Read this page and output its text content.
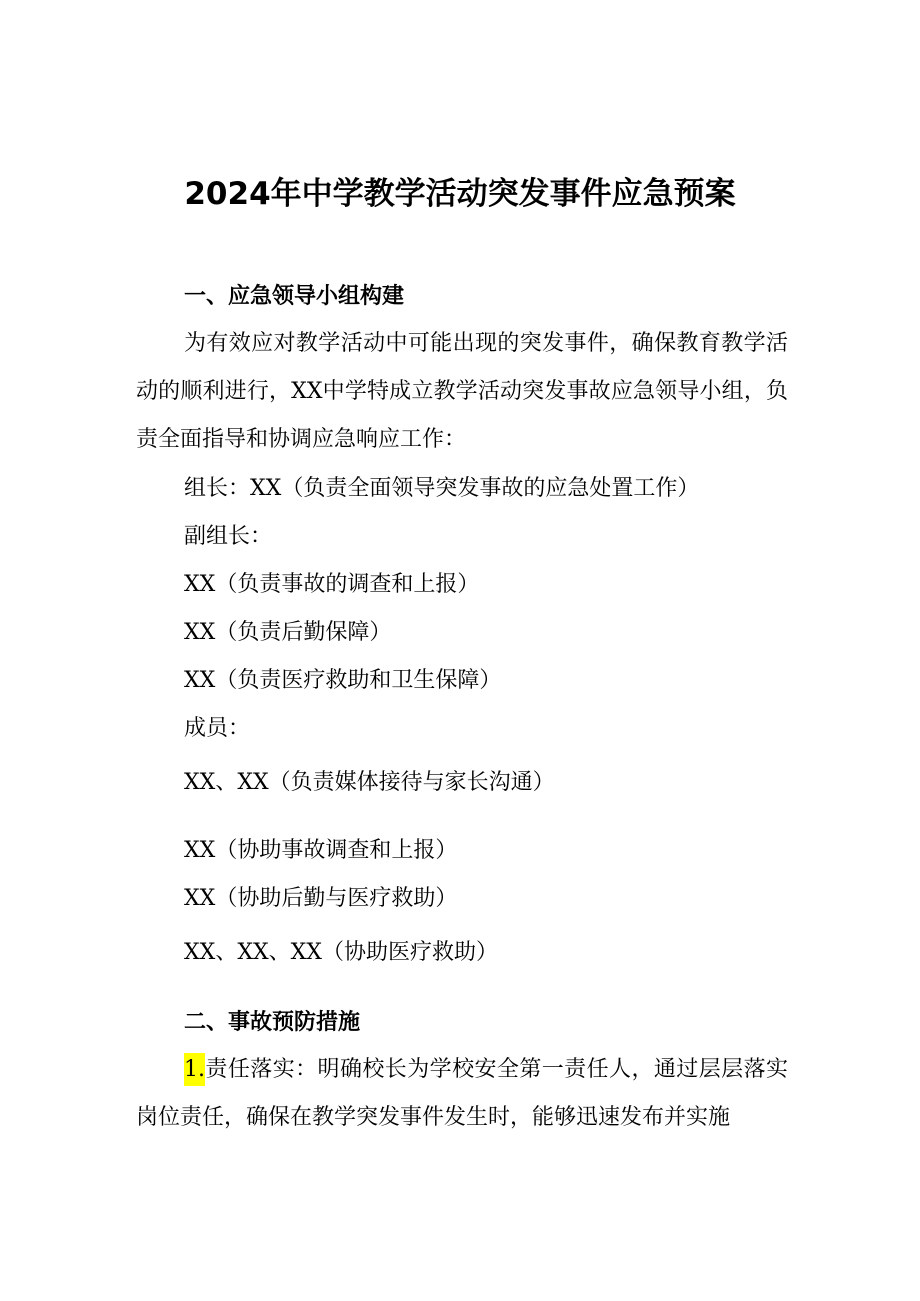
2024年中学教学活动突发事件应急预案
一、应急领导小组构建
为有效应对教学活动中可能出现的突发事件，确保教育教学活动的顺利进行，XX中学特成立教学活动突发事故应急领导小组，负责全面指导和协调应急响应工作：
组长：XX（负责全面领导突发事故的应急处置工作）
副组长：
XX（负责事故的调查和上报）
XX（负责后勤保障）
XX（负责医疗救助和卫生保障）
成员：
XX、XX（负责媒体接待与家长沟通）
XX（协助事故调查和上报）
XX（协助后勤与医疗救助）
XX、XX、XX（协助医疗救助）
二、事故预防措施
1.责任落实：明确校长为学校安全第一责任人，通过层层落实岗位责任，确保在教学突发事件发生时，能够迅速发布并实施
